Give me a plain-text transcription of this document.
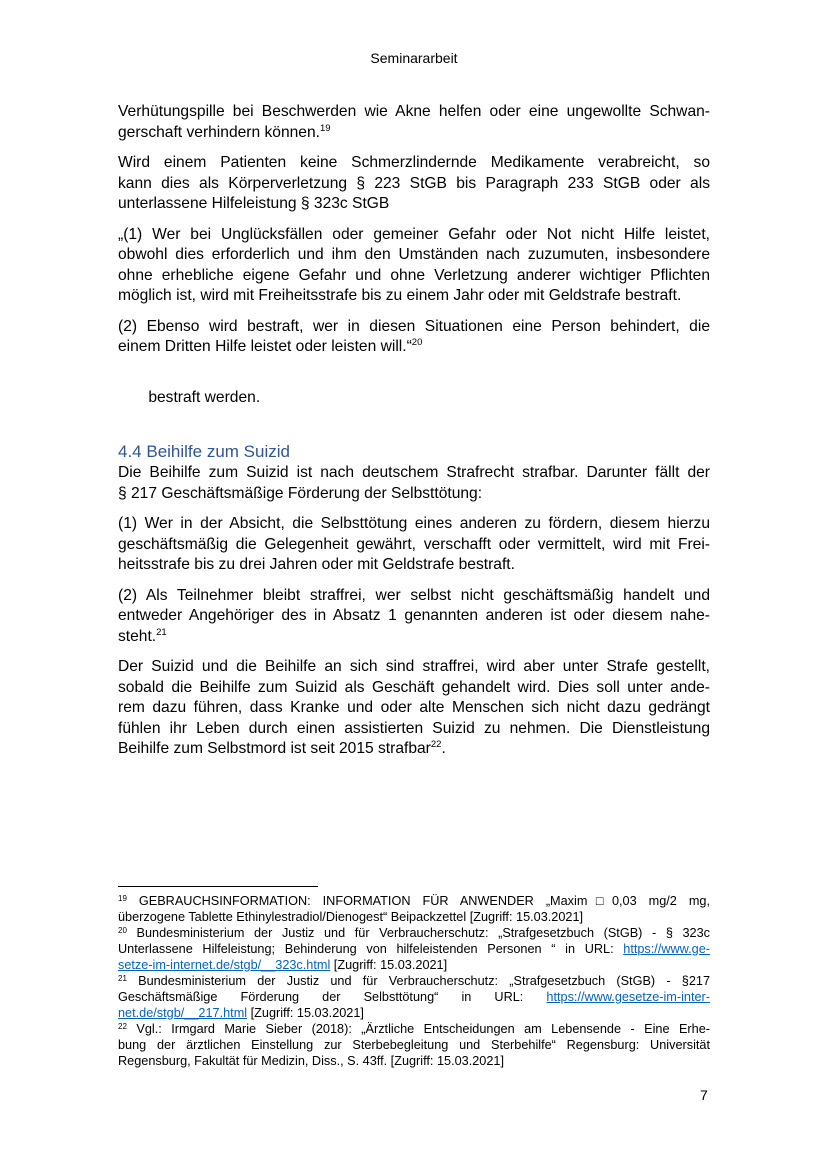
Seminararbeit

Verhütungspille bei Beschwerden wie Akne helfen oder eine ungewollte Schwan-
gerschaft verhindern können.$^{19}$

Wird einem Patienten keine Schmerzlindernde Medikamente verabreicht, so
kann dies als Körperverletzung § 223 StGB bis Paragraph 233 StGB oder als
unterlassene Hilfeleistung § 323c StGB

„(1) Wer bei Unglücksfällen oder gemeiner Gefahr oder Not nicht Hilfe leistet,
obwohl dies erforderlich und ihm den Umständen nach zuzumuten, insbesondere
ohne erhebliche eigene Gefahr und ohne Verletzung anderer wichtiger Pflichten
möglich ist, wird mit Freiheitsstrafe bis zu einem Jahr oder mit Geldstrafe bestraft.

(2) Ebenso wird bestraft, wer in diesen Situationen eine Person behindert, die
einem Dritten Hilfe leistet oder leisten will.“$^{20}$

bestraft werden.

4.4 Beihilfe zum Suizid

Die Beihilfe zum Suizid ist nach deutschem Strafrecht strafbar. Darunter fällt der
§ 217 Geschäftsmäßige Förderung der Selbsttötung:

(1) Wer in der Absicht, die Selbsttötung eines anderen zu fördern, diesem hierzu
geschäftsmäßig die Gelegenheit gewährt, verschafft oder vermittelt, wird mit Frei-
heitsstrafe bis zu drei Jahren oder mit Geldstrafe bestraft.

(2) Als Teilnehmer bleibt straffrei, wer selbst nicht geschäftsmäßig handelt und
entweder Angehöriger des in Absatz 1 genannten anderen ist oder diesem nahe-
steht.$^{21}$

Der Suizid und die Beihilfe an sich sind straffrei, wird aber unter Strafe gestellt,
sobald die Beihilfe zum Suizid als Geschäft gehandelt wird. Dies soll unter ande-
rem dazu führen, dass Kranke und oder alte Menschen sich nicht dazu gedrängt
fühlen ihr Leben durch einen assistierten Suizid zu nehmen. Die Dienstleistung
Beihilfe zum Selbstmord ist seit 2015 strafbar$^{22}$.

$^{19}$ GEBRAUCHSINFORMATION: INFORMATION FÜR ANWENDER „Maxim□0,03 mg/2 mg,
überzogene Tablette Ethinylestradiol/Dienogest“ Beipackzettel [Zugriff: 15.03.2021]
$^{20}$ Bundesministerium der Justiz und für Verbraucherschutz: „Strafgesetzbuch (StGB) - § 323c
Unterlassene Hilfeleistung; Behinderung von hilfeleistenden Personen “ in URL: https://www.ge-
setze-im-internet.de/stgb/__323c.html [Zugriff: 15.03.2021]
$^{21}$ Bundesministerium der Justiz und für Verbraucherschutz: „Strafgesetzbuch (StGB) - §217
Geschäftsmäßige Förderung der Selbsttötung“ in URL: https://www.gesetze-im-inter-
net.de/stgb/__217.html [Zugriff: 15.03.2021]
$^{22}$ Vgl.: Irmgard Marie Sieber (2018): „Ärztliche Entscheidungen am Lebensende - Eine Erhe-
bung der ärztlichen Einstellung zur Sterbebegleitung und Sterbehilfe“ Regensburg: Universität
Regensburg, Fakultät für Medizin, Diss., S. 43ff. [Zugriff: 15.03.2021]
7
